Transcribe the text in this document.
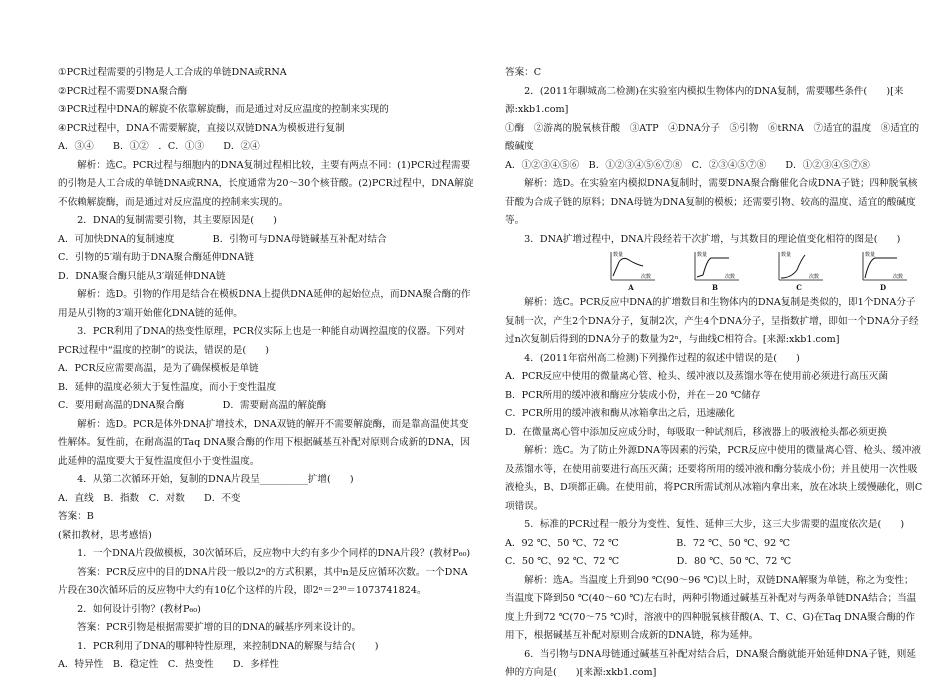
①PCR过程需要的引物是人工合成的单链DNA或RNA

②PCR过程不需要DNA聚合酶

③PCR过程中DNA的解旋不依靠解旋酶，而是通过对反应温度的控制来实现的

④PCR过程中，DNA不需要解旋，直接以双链DNA为模板进行复制

A．③④　　B．①②　．C．①③　　D．②④

　　解析：选C。PCR过程与细胞内的DNA复制过程相比较，主要有两点不同：(1)PCR过程需要的引物是人工合成的单链DNA或RNA，长度通常为20～30个核苷酸。(2)PCR过程中，DNA解旋不依赖解旋酶，而是通过对反应温度的控制来实现的。

　　2．DNA的复制需要引物，其主要原因是(　　)

A．可加快DNA的复制速度　　　　B．引物可与DNA母链碱基互补配对结合

C．引物的5′端有助于DNA聚合酶延伸DNA链

D．DNA聚合酶只能从3′端延伸DNA链

　　解析：选D。引物的作用是结合在模板DNA上提供DNA延伸的起始位点，而DNA聚合酶的作用是从引物的3′端开始催化DNA链的延伸。

　　3．PCR利用了DNA的热变性原理，PCR仪实际上也是一种能自动调控温度的仪器。下列对PCR过程中“温度的控制”的说法，错误的是(　　)

A．PCR反应需要高温，是为了确保模板是单链

B．延伸的温度必须大于复性温度，而小于变性温度

C．要用耐高温的DNA聚合酶　　　　D．需要耐高温的解旋酶

　　解析：选D。PCR是体外DNA扩增技术，DNA双链的解开不需要解旋酶，而是靠高温使其变性解体。复性前，在耐高温的Taq DNA聚合酶的作用下根据碱基互补配对原则合成新的DNA，因此延伸的温度要大于复性温度但小于变性温度。

　　4．从第二次循环开始，复制的DNA片段呈__________扩增(　　)

A．直线　B．指数　C．对数　　D．不变

答案：B

(紧扣教材，思考感悟)

　　1．一个DNA片段做模板，30次循环后，反应物中大约有多少个同样的DNA片段？(教材P₆₀)

　　答案：PCR反应中的目的DNA片段一般以2ⁿ的方式积累，其中n是反应循环次数。一个DNA片段在30次循环后的反应物中大约有10亿个这样的片段，即2ⁿ＝2³⁰＝1073741824。

　　2．如何设计引物？(教材P₆₀)

　　答案：PCR引物是根据需要扩增的目的DNA的碱基序列来设计的。

　　1．PCR利用了DNA的哪种特性原理，来控制DNA的解聚与结合(　　)

A．特异性　B．稳定性　C．热变性　　D．多样性

答案：C

　　2．(2011年聊城高二检测)在实验室内模拟生物体内的DNA复制，需要哪些条件(　　)[来源:xkb1.com]

①酶　②游离的脱氧核苷酸　③ATP　④DNA分子　⑤引物　⑥tRNA　⑦适宜的温度　⑧适宜的酸碱度

A．①②③④⑤⑥　B．①②③④⑤⑥⑦⑧　C．②③④⑤⑦⑧　　D．①②③④⑤⑦⑧

　　解析：选D。在实验室内模拟DNA复制时，需要DNA聚合酶催化合成DNA子链；四种脱氧核苷酸为合成子链的原料；DNA母链为DNA复制的模板；还需要引物、较高的温度、适宜的酸碱度等。

　　3．DNA扩增过程中，DNA片段经若干次扩增，与其数目的理论值变化相符的图是(　　)

数量
次数
A
数量
次数
B
数量
次数
C
数量
次数
D

　　解析：选C。PCR反应中DNA的扩增数目和生物体内的DNA复制是类似的，即1个DNA分子复制一次，产生2个DNA分子，复制2次，产生4个DNA分子，呈指数扩增，即如一个DNA分子经过n次复制后得到的DNA分子的数量为2ⁿ，与曲线C相符合。[来源:xkb1.com]

　　4．(2011年宿州高二检测)下列操作过程的叙述中错误的是(　　)

A．PCR反应中使用的微量离心管、枪头、缓冲液以及蒸馏水等在使用前必须进行高压灭菌

B．PCR所用的缓冲液和酶应分装成小份，并在－20 ℃储存

C．PCR所用的缓冲液和酶从冰箱拿出之后，迅速融化

D．在微量离心管中添加反应成分时，每吸取一种试剂后，移液器上的吸液枪头都必须更换

　　解析：选C。为了防止外源DNA等因素的污染，PCR反应中使用的微量离心管、枪头、缓冲液及蒸馏水等，在使用前要进行高压灭菌；还要将所用的缓冲液和酶分装成小份；并且使用一次性吸液枪头，B、D项都正确。在使用前，将PCR所需试剂从冰箱内拿出来，放在冰块上缓慢融化，则C项错误。

　　5．标准的PCR过程一般分为变性、复性、延伸三大步，这三大步需要的温度依次是(　　)

A．92 ℃、50 ℃、72 ℃　　　　　　B．72 ℃、50 ℃、92 ℃

C．50 ℃、92 ℃、72 ℃　　　　　　D．80 ℃、50 ℃、72 ℃

　　解析：选A。当温度上升到90 ℃(90～96 ℃)以上时，双链DNA解聚为单链，称之为变性；当温度下降到50 ℃(40～60 ℃)左右时，两种引物通过碱基互补配对与两条单链DNA结合；当温度上升到72 ℃(70～75 ℃)时，溶液中的四种脱氧核苷酸(A、T、C、G)在Taq DNA聚合酶的作用下，根据碱基互补配对原则合成新的DNA链，称为延伸。

　　6．当引物与DNA母链通过碱基互补配对结合后，DNA聚合酶就能开始延伸DNA子链，则延伸的方向是(　　)[来源:xkb1.com]
